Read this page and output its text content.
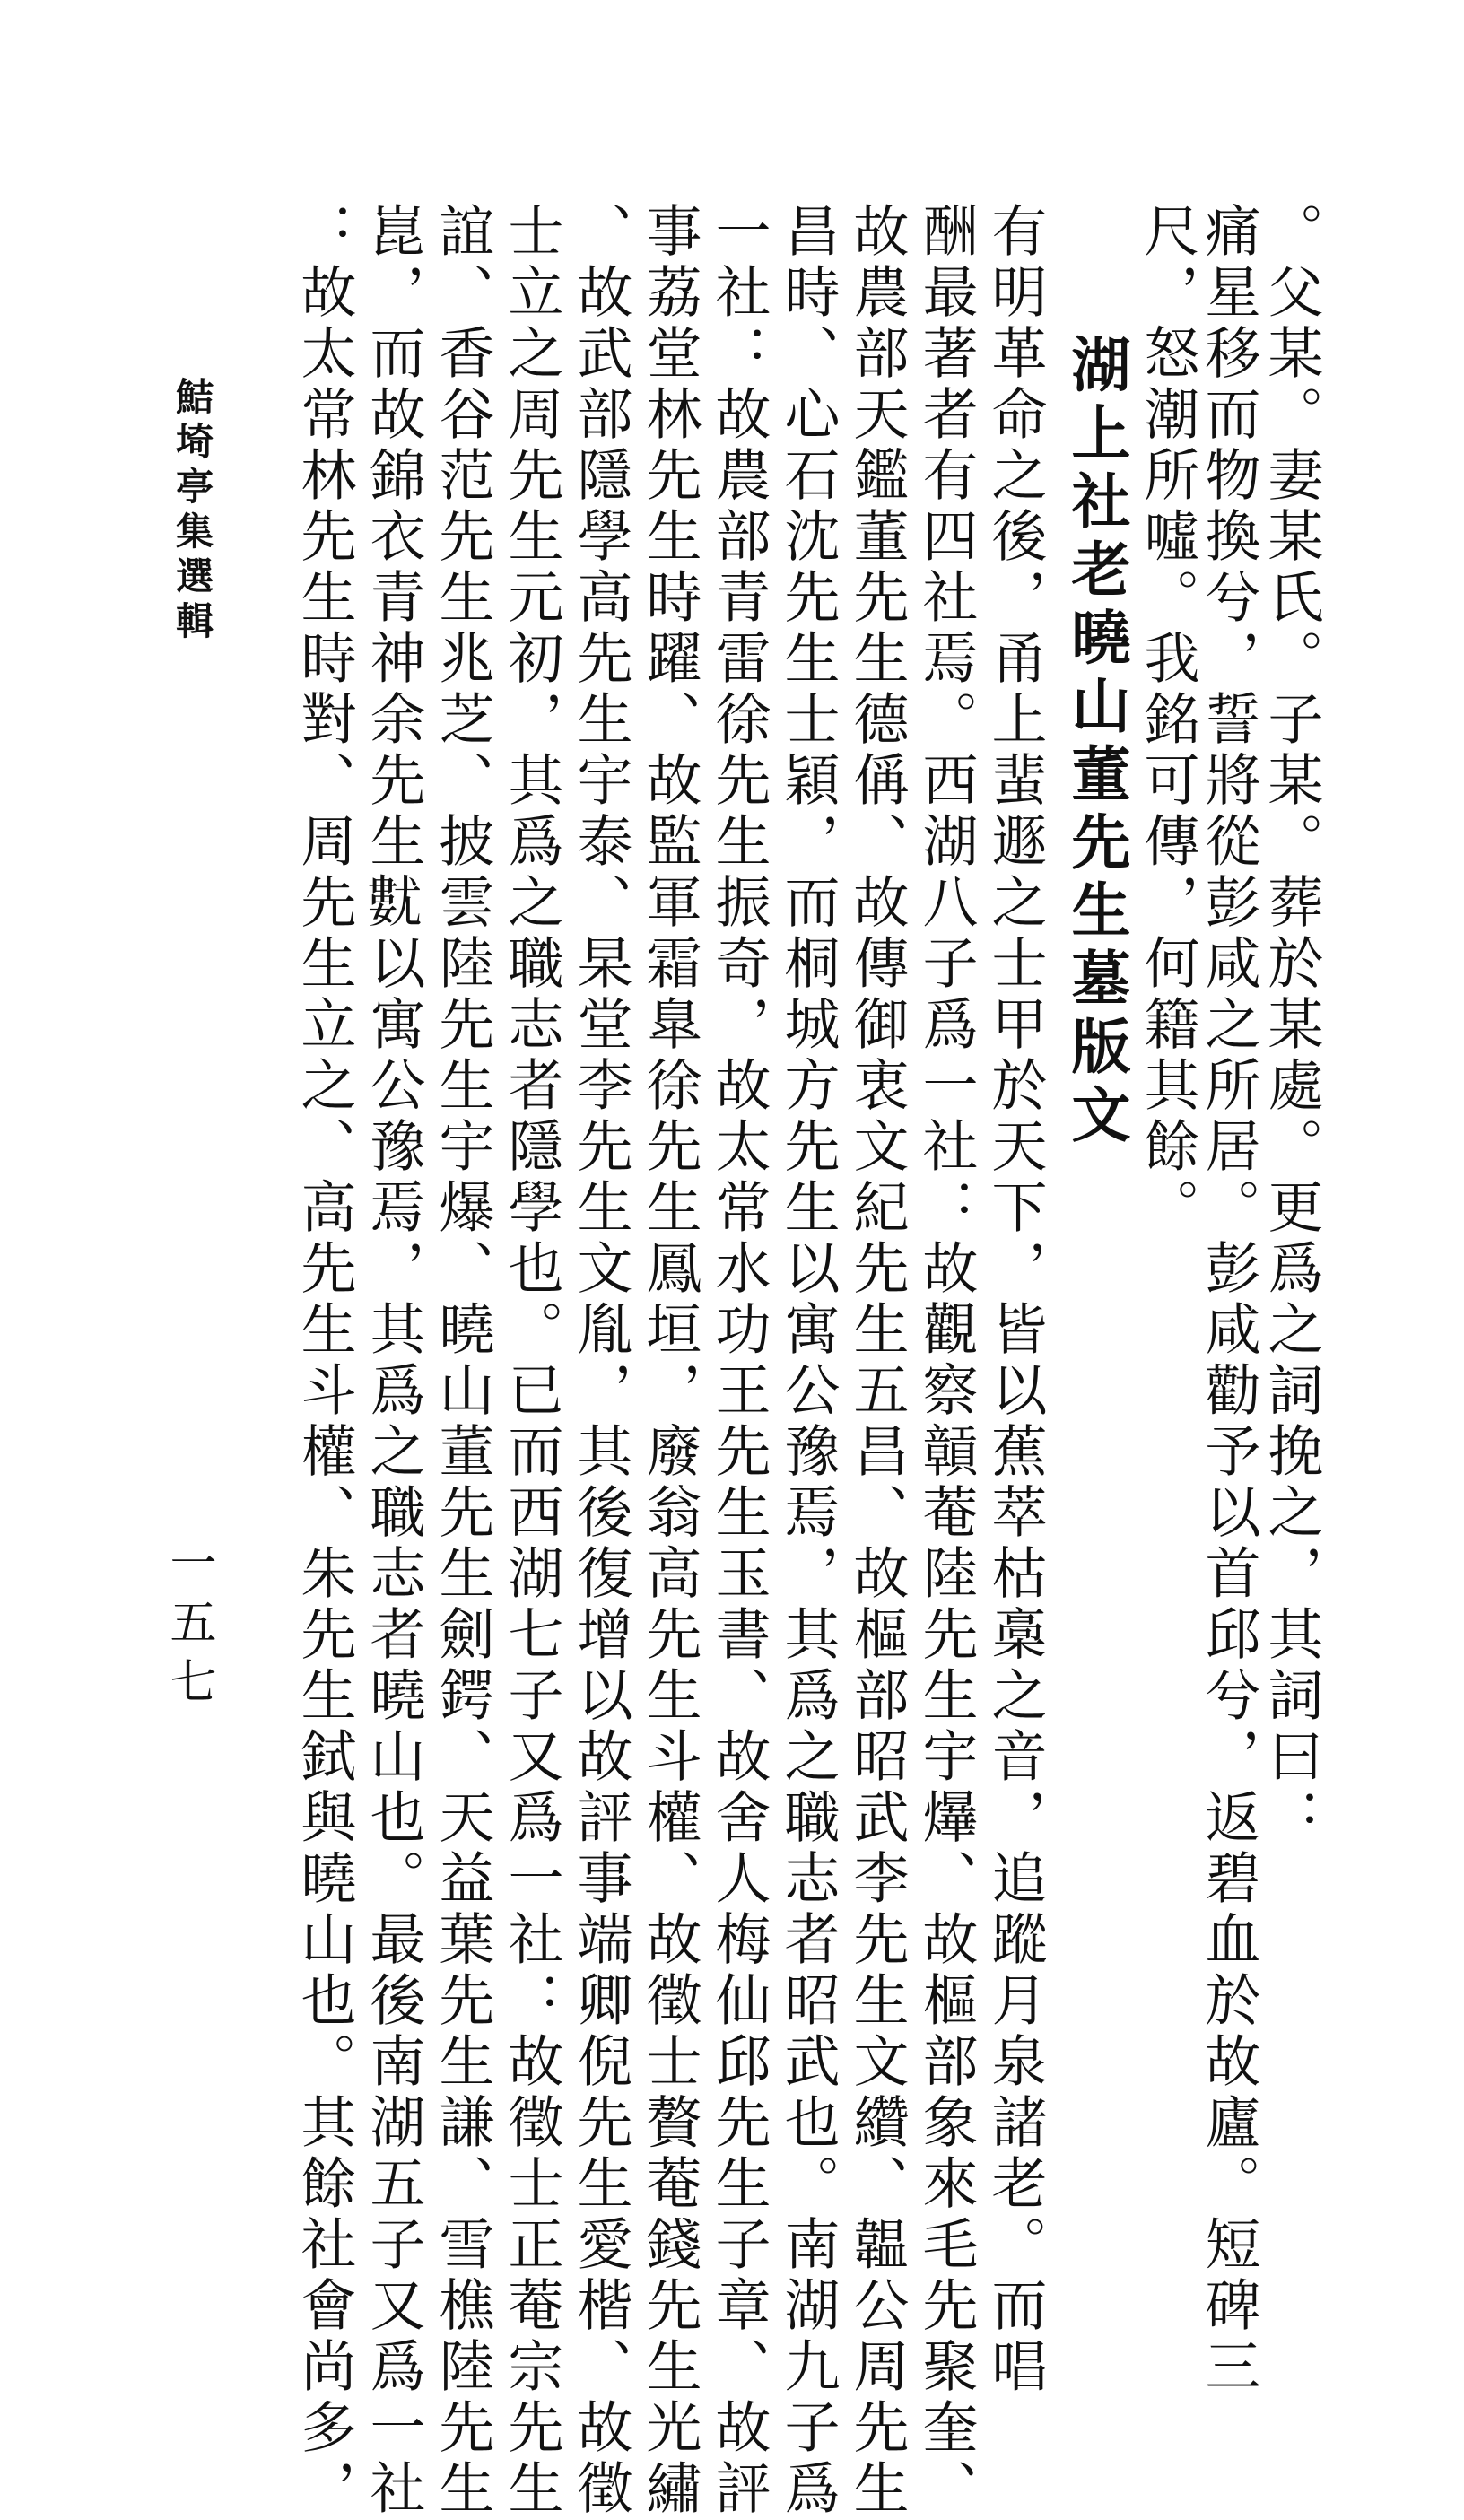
。父某。妻某氏。子某。葬於某處。更爲之詞挽之，其詞曰：
痛星移而物換兮，誓將從彭咸之所居。彭咸勸予以首邱兮，返碧血於故廬。短碑三
尺，怒潮所噓。我銘可傳，何籍其餘。
湖上社老曉山董先生墓版文
有明革命之後，甬上蜚遯之士甲於天下，皆以蕉萃枯槀之音，追蹤月泉諸老。而唱
酬最著者有四社焉。西湖八子爲一社：故觀察贑菴陸先生宇爗、故樞部象來毛先聚奎、
故農部天鑑董先生德偁、故傳御衷文紀先生五昌、故樞部昭武李先生文纘、韞公周先生
昌時、心石沈先生士穎，而桐城方先生以寓公豫焉，其爲之職志者昭武也。南湖九子爲
一社：故農部青雷徐先生振奇，故太常水功王先生玉書、故舍人梅仙邱先生子章、故評
事荔堂林先生時躍、故監軍霜臯徐先生鳳垣，廢翁高先生斗權、故徵士贅菴錢先生光繡
、故武部隱學高先生宇泰、杲堂李先生文胤，其後復增以故評事端卿倪先生愛楷、故徵
士立之周先生元初，其爲之職志者隱學也。已而西湖七子又爲一社：故徵士正菴宗先生
誼、香谷范先生兆芝、披雲陸先生宇爆、曉山董先生劍鍔、天益葉先生謙、雪樵陸先生
崑，而故錦衣青神余先生𡰓以寓公豫焉，其爲之職志者曉山也。最後南湖五子又爲一社
：故太常林先生時對、周先生立之、高先生斗權、朱先生鉽與曉山也。其餘社會尚多，
鮚埼亭集選輯
一五七
